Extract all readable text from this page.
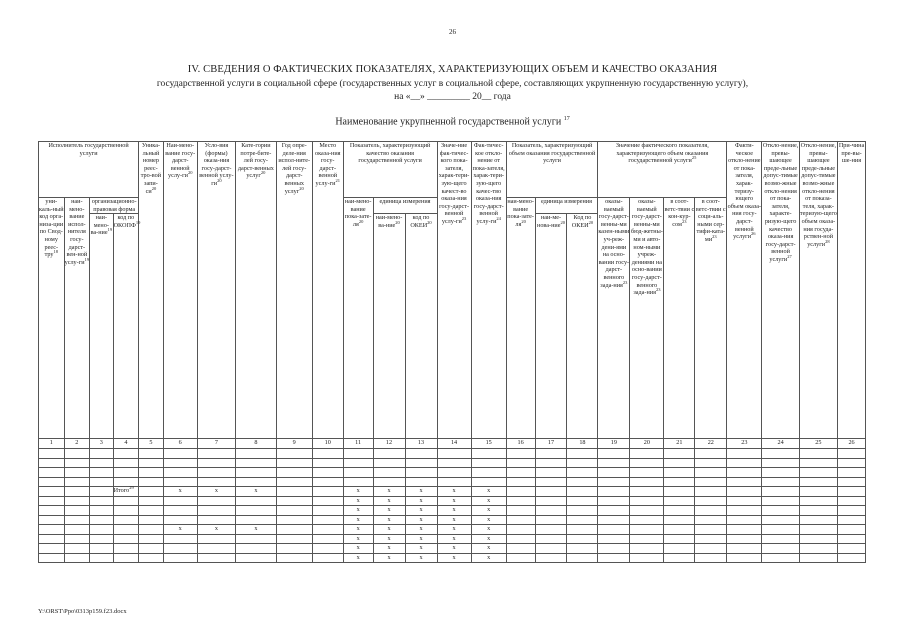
26
IV. СВЕДЕНИЯ О ФАКТИЧЕСКИХ ПОКАЗАТЕЛЯХ, ХАРАКТЕРИЗУЮЩИХ ОБЪЕМ И КАЧЕСТВО ОКАЗАНИЯ
государственной услуги в социальной сфере (государственных услуг в социальной сфере, составляющих укрупненную государственную услугу),
на «__» _________ 20__ года
Наименование укрупненной государственной услуги $^{17}$
Исполнитель государственной услуги				Уника-льный номер реес-тро-вой запи-$си^{20}$	Наи-мено-вание госу-дарст-венной услу-$ги^{20}$	Усло-вия (формы) оказа-ния госу-дарст-венной услу-$ги^{20}$	Кате-гории потре-бите-лей госу-дарст-венных услуг$^{20}$	Год опре-деле-ния испол-ните-лей госу-дарст-венных услуг$^{20}$	Место оказа-ния госу-дарст-венной услу-$ги^{21}$	Показатель, характеризующий качество оказания государственной услуги			Значе-ние фак-тичес-кого пока-зателя, харак-тери-зую-щего качест-во оказа-ния госу-дарст-венной услу-$ги^{23}$	Фак-тичес-кое откло-нение от пока-зателя, харак-тери-зую-щего качес-тво оказа-ния госу-дарст-венной услу-$ги^{24}$	Показатель, характеризующий объем оказания государственной услуги			Значение фактического показателя, характеризующего объем оказания государственной услуги$^{25}$				Факти-ческое откло-нение от пока-зателя, харак-теризу-ющего объем оказа-ния госу-дарст-венной услуги$^{26}$	Откло-нение, превы-шающее преде-льные допус-тимые возмо-жные откло-нения от пока-зателя, характе-ризую-щего качество оказа-ния госу-дарст-венной услуги$^{27}$	Откло-нение, превы-шающее преде-льные допус-тимые возмо-жные откло-нения от показа-теля, харак-теризую-щего объем оказа-ния госуда-рствен-ной услуги$^{28}$	При-чина пре-вы-ше-ния
уни-каль-ный код орга-низа-ции по Свод-ному реес-тру$^{18}$	наи-мено-вание испол-нителя госу-дарст-вен-ной услу-$ги^{19}$	организационно-правовая форма								наи-мено-вание пока-$зате-ля^{20}$	единица измерения				наи-мено-вание пока-$зате-ля^{20}$	единица измерения		оказы-ваемый госу-дарст-венны-ми казен-ными уч-реж-дени-ями на осно-вании госу-дарст-венного зада-ния$^{23}$	оказы-ваемый госу-дарст-венны-ми бюд-жетны-ми и авто-ном-ными учреж-дениями на осно-вании госу-дарст-венного зада-ния$^{23}$	в соот-ветс-твии с кон-кур-сом$^{23}$	в соот-ветс-твии с соци-аль-ными сер-$тифи-ката-ми^{23}$
		наи-мено-ва-ние$^{19}$	код по ОКОПФ$^{19}$								наи-мено-ва-ние$^{20}$	код по ОКЕИ$^{20}$				наи-ме-нова-ние$^{20}$	Код по ОКЕИ$^{20}$
1	2	3	4	5	6	7	8	9	10	11	12	13	14	15	16	17	18	19	20	21	22	23	24	25	26

			Итого$^{29}$		x	x	x			x	x	x	x	x											
										x	x	x	x	x											
										x	x	x	x	x											
										x	x	x	x	x											
					x	x	x			x	x	x	x	x											
										x	x	x	x	x											
										x	x	x	x	x											
										x	x	x	x	x											
Y:\ORST\Ppo\0313p159.f23.docx
